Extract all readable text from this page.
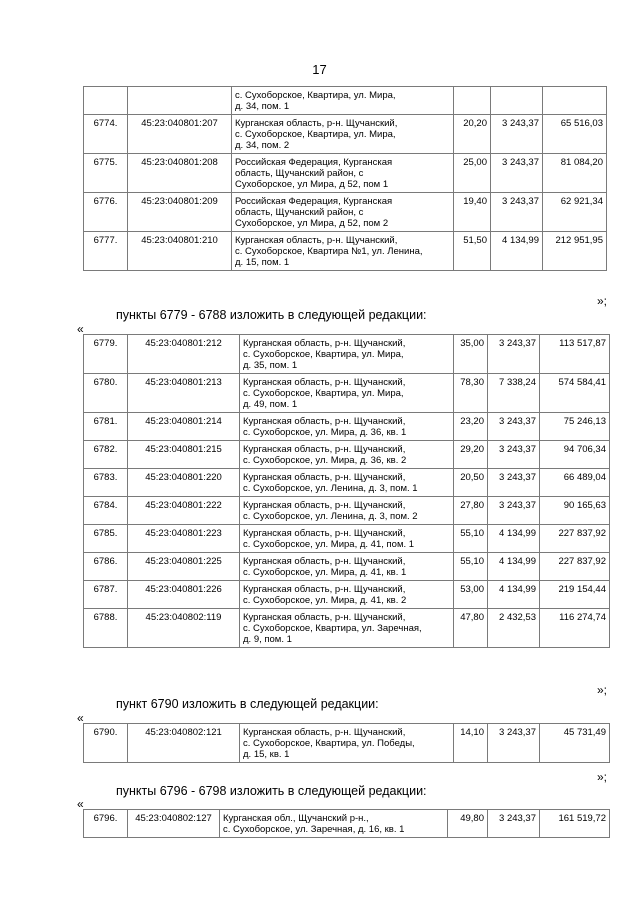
17
		с. Сухоборское, Квартира, ул. Мира,
д. 34, пом. 1			
6774.	45:23:040801:207	Курганская область, р-н. Щучанский,
с. Сухоборское, Квартира, ул. Мира,
д. 34, пом. 2	20,20	3 243,37	65 516,03
6775.	45:23:040801:208	Российская Федерация, Курганская
область, Щучанский район, с
Сухоборское, ул Мира, д 52, пом 1	25,00	3 243,37	81 084,20
6776.	45:23:040801:209	Российская Федерация, Курганская
область, Щучанский район, с
Сухоборское, ул Мира, д 52, пом 2	19,40	3 243,37	62 921,34
6777.	45:23:040801:210	Курганская область, р-н. Щучанский,
с. Сухоборское, Квартира №1, ул. Ленина,
д. 15, пом. 1	51,50	4 134,99	212 951,95
»;
пункты 6779 - 6788 изложить в следующей редакции:
«
6779.	45:23:040801:212	Курганская область, р-н. Щучанский,
с. Сухоборское, Квартира, ул. Мира,
д. 35, пом. 1	35,00	3 243,37	113 517,87
6780.	45:23:040801:213	Курганская область, р-н. Щучанский,
с. Сухоборское, Квартира, ул. Мира,
д. 49, пом. 1	78,30	7 338,24	574 584,41
6781.	45:23:040801:214	Курганская область, р-н. Щучанский,
с. Сухоборское, ул. Мира, д. 36, кв. 1	23,20	3 243,37	75 246,13
6782.	45:23:040801:215	Курганская область, р-н. Щучанский,
с. Сухоборское, ул. Мира, д. 36, кв. 2	29,20	3 243,37	94 706,34
6783.	45:23:040801:220	Курганская область, р-н. Щучанский,
с. Сухоборское, ул. Ленина, д. 3, пом. 1	20,50	3 243,37	66 489,04
6784.	45:23:040801:222	Курганская область, р-н. Щучанский,
с. Сухоборское, ул. Ленина, д. 3, пом. 2	27,80	3 243,37	90 165,63
6785.	45:23:040801:223	Курганская область, р-н. Щучанский,
с. Сухоборское, ул. Мира, д. 41, пом. 1	55,10	4 134,99	227 837,92
6786.	45:23:040801:225	Курганская область, р-н. Щучанский,
с. Сухоборское, ул. Мира, д. 41, кв. 1	55,10	4 134,99	227 837,92
6787.	45:23:040801:226	Курганская область, р-н. Щучанский,
с. Сухоборское, ул. Мира, д. 41, кв. 2	53,00	4 134,99	219 154,44
6788.	45:23:040802:119	Курганская область, р-н. Щучанский,
с. Сухоборское, Квартира, ул. Заречная,
д. 9, пом. 1	47,80	2 432,53	116 274,74
»;
пункт 6790 изложить в следующей редакции:
«
6790.	45:23:040802:121	Курганская область, р-н. Щучанский,
с. Сухоборское, Квартира, ул. Победы,
д. 15, кв. 1	14,10	3 243,37	45 731,49
»;
пункты 6796 - 6798 изложить в следующей редакции:
«
6796.	45:23:040802:127	Курганская обл., Щучанский р-н.,
с. Сухоборское, ул. Заречная, д. 16, кв. 1	49,80	3 243,37	161 519,72
